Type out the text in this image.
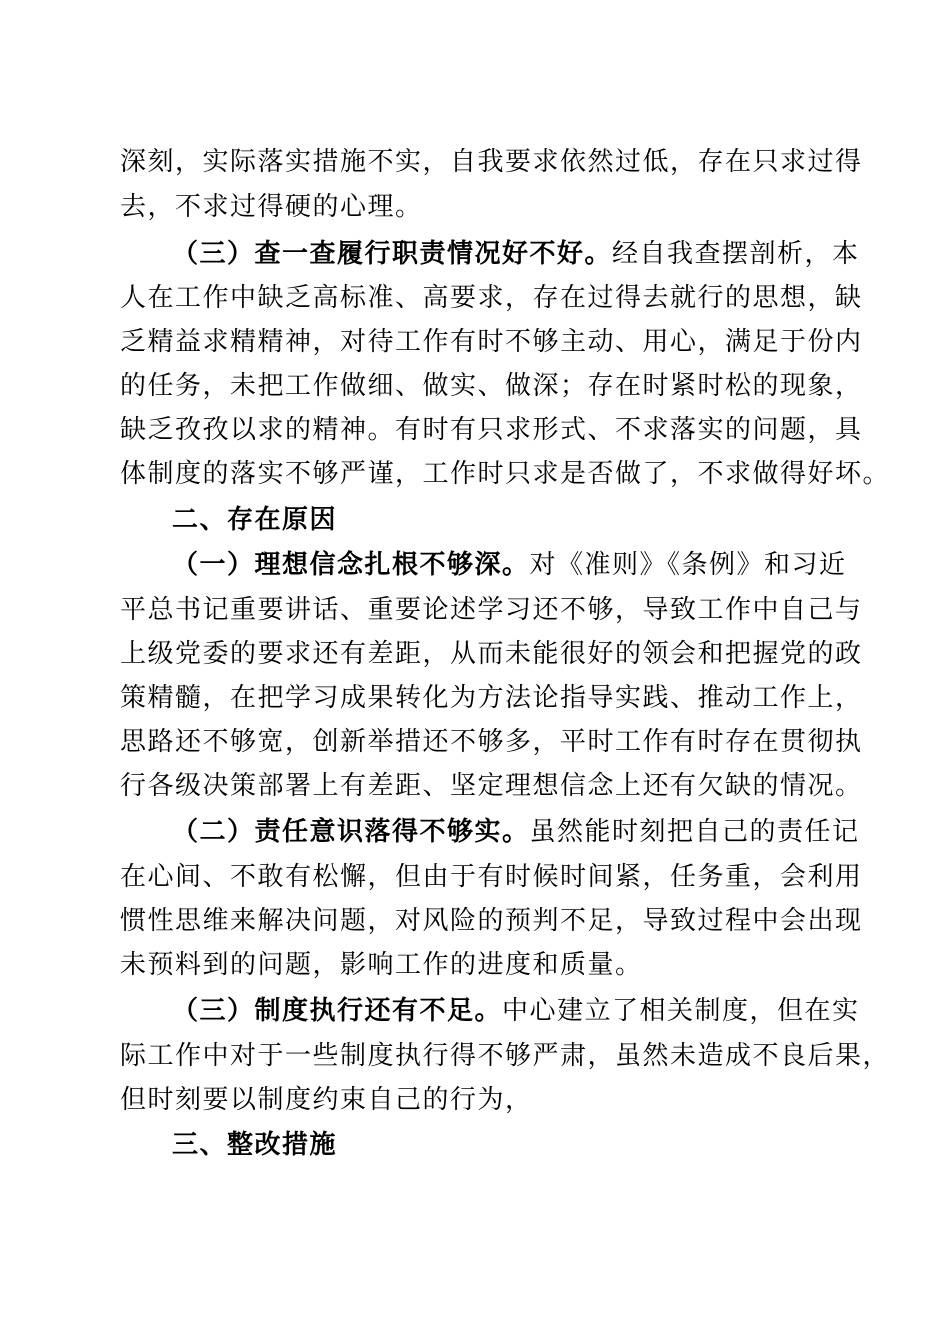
深刻，实际落实措施不实，自我要求依然过低，存在只求过得
去，不求过得硬的心理。
（三）查一查履行职责情况好不好。经自我查摆剖析，本
人在工作中缺乏高标准、高要求，存在过得去就行的思想，缺
乏精益求精精神，对待工作有时不够主动、用心，满足于份内
的任务，未把工作做细、做实、做深；存在时紧时松的现象，
缺乏孜孜以求的精神。有时有只求形式、不求落实的问题，具
体制度的落实不够严谨，工作时只求是否做了，不求做得好坏。
二、存在原因
（一）理想信念扎根不够深。对《准则》《条例》和习近
平总书记重要讲话、重要论述学习还不够，导致工作中自己与
上级党委的要求还有差距，从而未能很好的领会和把握党的政
策精髓，在把学习成果转化为方法论指导实践、推动工作上，
思路还不够宽，创新举措还不够多，平时工作有时存在贯彻执
行各级决策部署上有差距、坚定理想信念上还有欠缺的情况。
（二）责任意识落得不够实。虽然能时刻把自己的责任记
在心间、不敢有松懈，但由于有时候时间紧，任务重，会利用
惯性思维来解决问题，对风险的预判不足，导致过程中会出现
未预料到的问题，影响工作的进度和质量。
（三）制度执行还有不足。中心建立了相关制度，但在实
际工作中对于一些制度执行得不够严肃，虽然未造成不良后果，
但时刻要以制度约束自己的行为，
三、整改措施
